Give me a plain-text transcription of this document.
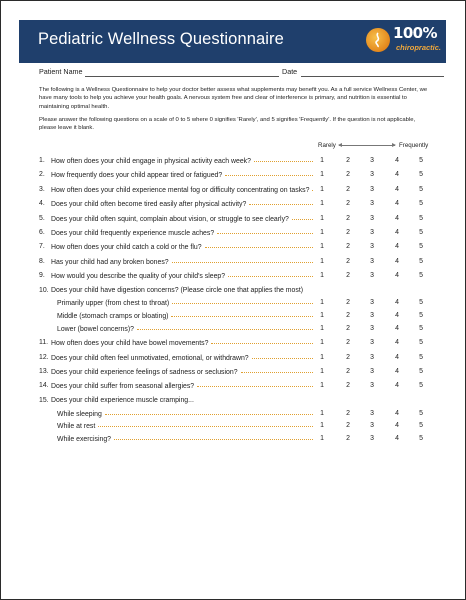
Pediatric Wellness Questionnaire	100%
chiropractic.
Patient Name	Date

The following is a Wellness Questionnaire to help your doctor better assess what supplements may benefit you. As a full service Wellness Center, we have many tools to help you achieve your health goals. A nervous system free and clear of interference is primary, and nutrition is essential to maintaining optimal health.

Please answer the following questions on a scale of 0 to 5 where 0 signifies 'Rarely', and 5 signifies 'Frequently'. If the question is not applicable, please leave it blank.

Rarely	Frequently
1. How often does your child engage in physical activity each week?	1	2	3	4	5
2. How frequently does your child appear tired or fatigued?	1	2	3	4	5
3. How often does your child experience mental fog or difficulty concentrating on tasks?	1	2	3	4	5
4. Does your child often become tired easily after physical activity?	1	2	3	4	5
5. Does your child often squint, complain about vision, or struggle to see clearly?	1	2	3	4	5
6. Does your child frequently experience muscle aches?	1	2	3	4	5
7. How often does your child catch a cold or the flu?	1	2	3	4	5
8. Has your child had any broken bones?	1	2	3	4	5
9. How would you describe the quality of your child's sleep?	1	2	3	4	5
10. Does your child have digestion concerns? (Please circle one that applies the most)
Primarily upper (from chest to throat)	1	2	3	4	5
Middle (stomach cramps or bloating)	1	2	3	4	5
Lower (bowel concerns)?	1	2	3	4	5
11. How often does your child have bowel movements?	1	2	3	4	5
12. Does your child often feel unmotivated, emotional, or withdrawn?	1	2	3	4	5
13. Does your child experience feelings of sadness or seclusion?	1	2	3	4	5
14. Does your child suffer from seasonal allergies?	1	2	3	4	5
15. Does your child experience muscle cramping...
While sleeping	1	2	3	4	5
While at rest	1	2	3	4	5
While exercising?	1	2	3	4	5
